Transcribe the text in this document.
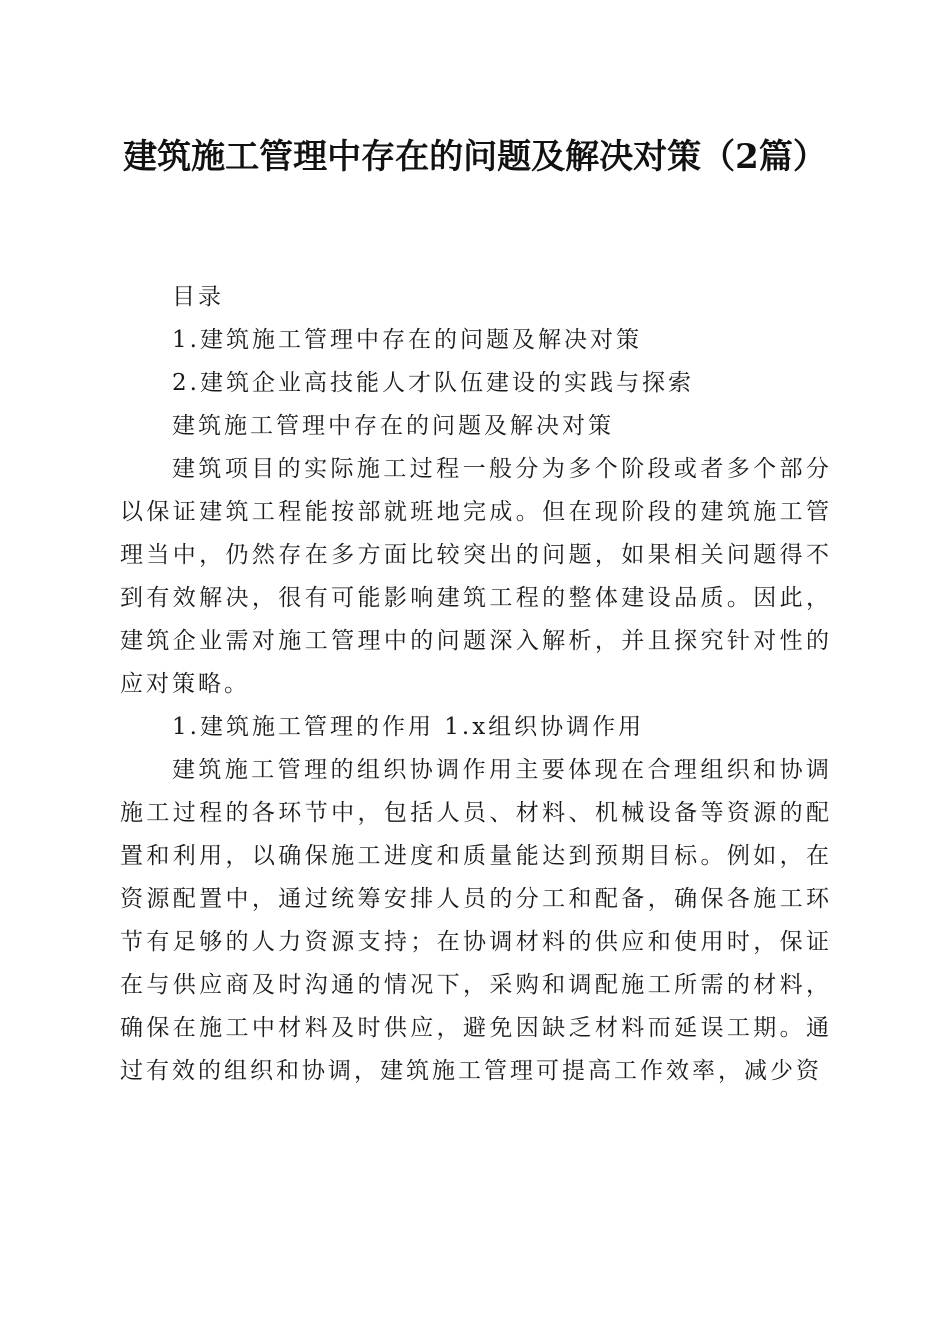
建筑施工管理中存在的问题及解决对策（2篇）

目录

1.建筑施工管理中存在的问题及解决对策

2.建筑企业高技能人才队伍建设的实践与探索

建筑施工管理中存在的问题及解决对策

建筑项目的实际施工过程一般分为多个阶段或者多个部分以保证建筑工程能按部就班地完成。但在现阶段的建筑施工管理当中，仍然存在多方面比较突出的问题，如果相关问题得不到有效解决，很有可能影响建筑工程的整体建设品质。因此，建筑企业需对施工管理中的问题深入解析，并且探究针对性的应对策略。

1.建筑施工管理的作用 1.x组织协调作用

建筑施工管理的组织协调作用主要体现在合理组织和协调施工过程的各环节中，包括人员、材料、机械设备等资源的配置和利用，以确保施工进度和质量能达到预期目标。例如，在资源配置中，通过统筹安排人员的分工和配备，确保各施工环节有足够的人力资源支持；在协调材料的供应和使用时，保证在与供应商及时沟通的情况下，采购和调配施工所需的材料，确保在施工中材料及时供应，避免因缺乏材料而延误工期。通过有效的组织和协调，建筑施工管理可提高工作效率，减少资
